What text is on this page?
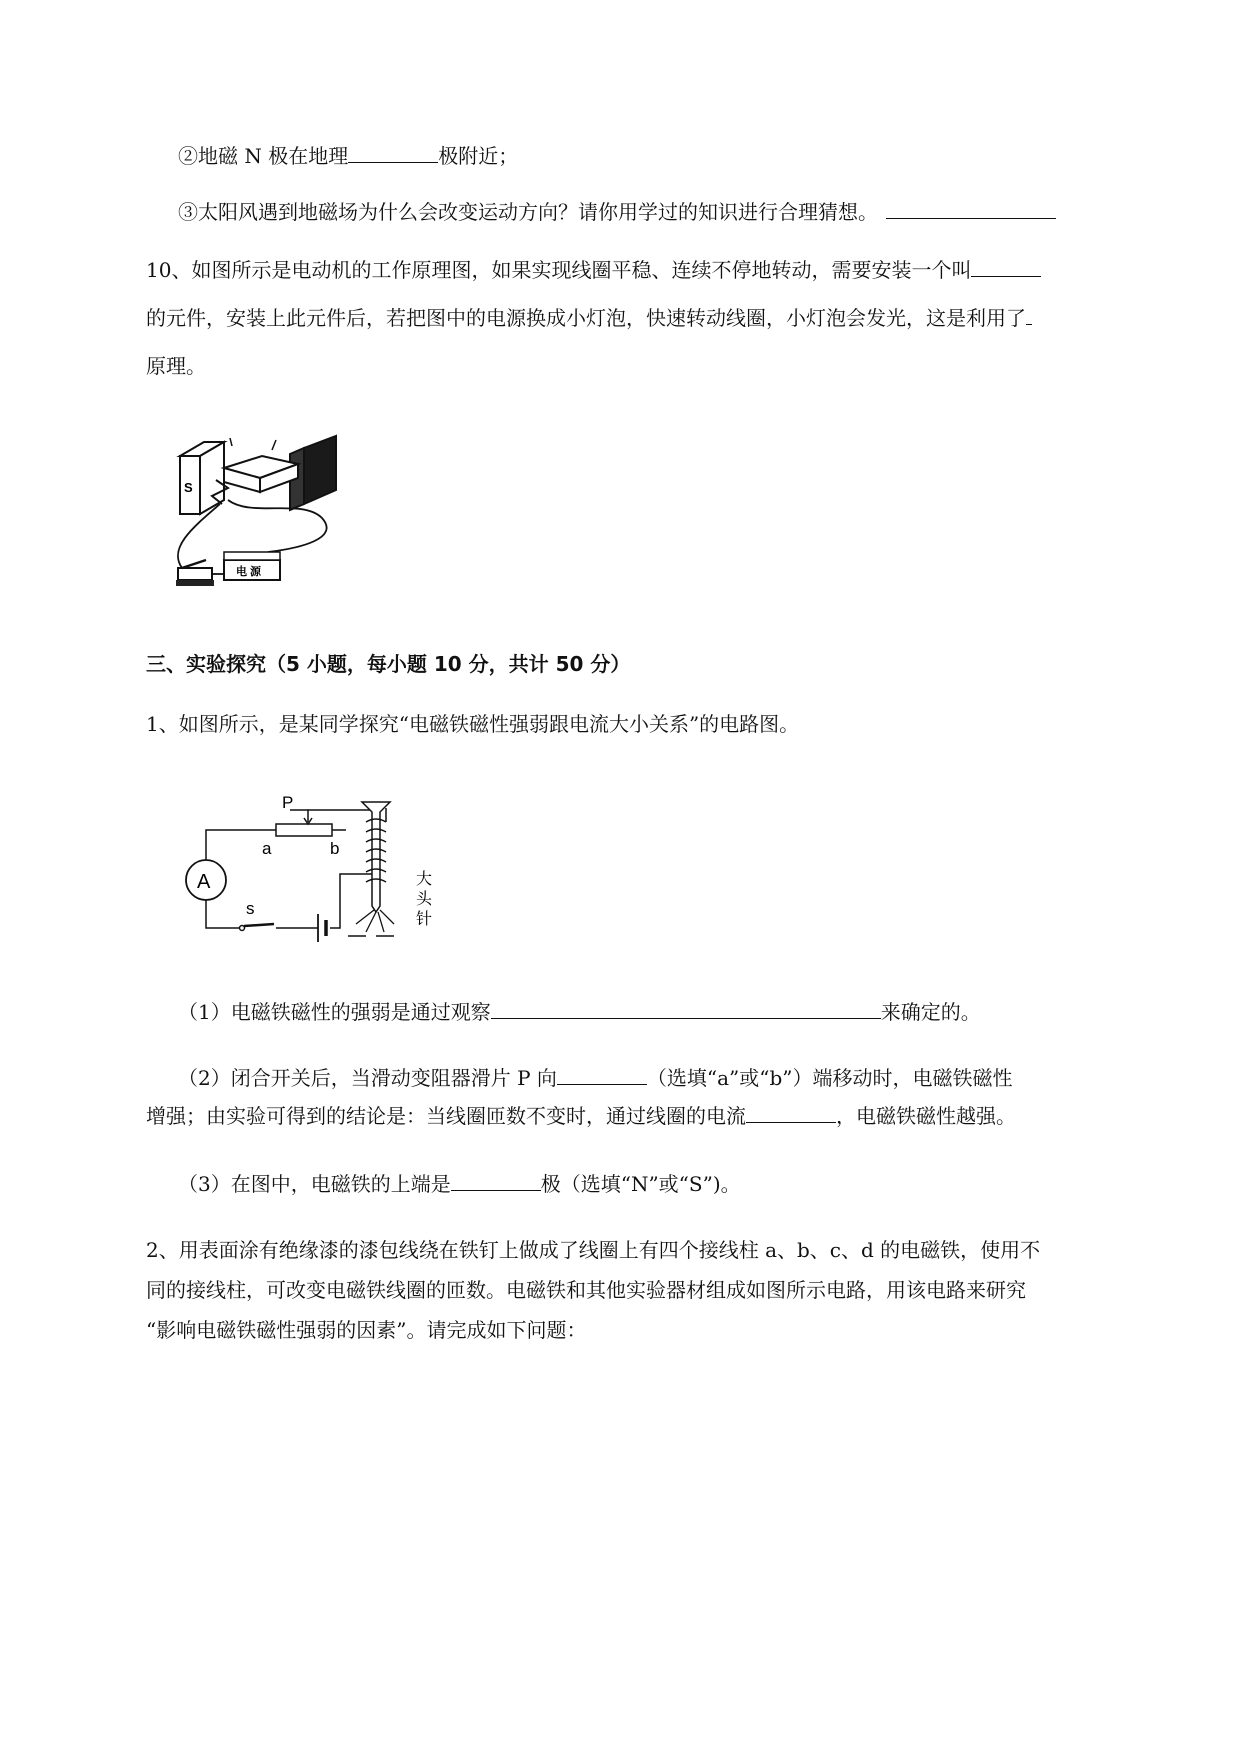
②地磁 N 极在地理	极附近；
③太阳风遇到地磁场为什么会改变运动方向？请你用学过的知识进行合理猜想。
10、如图所示是电动机的工作原理图，如果实现线圈平稳、连续不停地转动，需要安装一个叫
的元件，安装上此元件后，若把图中的电源换成小灯泡，快速转动线圈，小灯泡会发光，这是利用了
原理。
S
电 源
三、实验探究（5 小题，每小题 10 分，共计 50 分）
1、如图所示，是某同学探究“电磁铁磁性强弱跟电流大小关系”的电路图。
A
P
a	b
s
大
头
针
（1）电磁铁磁性的强弱是通过观察	来确定的。
（2）闭合开关后，当滑动变阻器滑片 P 向	（选填“a”或“b”）端移动时，电磁铁磁性
增强；由实验可得到的结论是：当线圈匝数不变时，通过线圈的电流	，电磁铁磁性越强。
（3）在图中，电磁铁的上端是	极（选填“N”或“S”)。
2、用表面涂有绝缘漆的漆包线绕在铁钉上做成了线圈上有四个接线柱 a、b、c、d 的电磁铁，使用不
同的接线柱，可改变电磁铁线圈的匝数。电磁铁和其他实验器材组成如图所示电路，用该电路来研究
“影响电磁铁磁性强弱的因素”。请完成如下问题：
